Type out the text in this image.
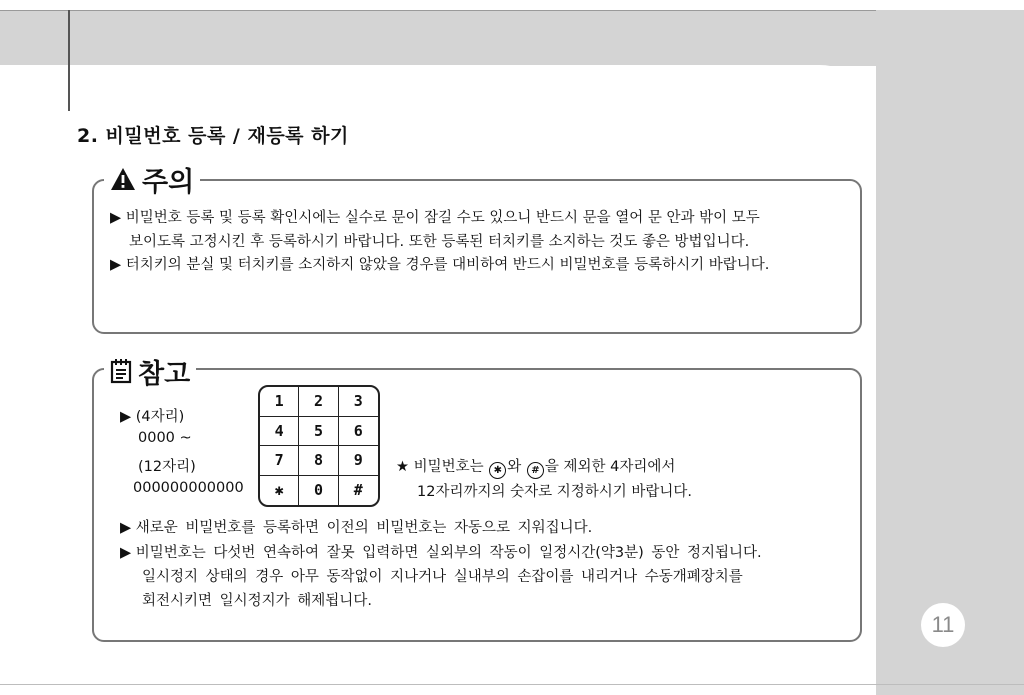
2. 비밀번호 등록 / 재등록 하기
주의
▶ 비밀번호 등록 및 등록 확인시에는 실수로 문이 잠길 수도 있으니 반드시 문을 열어 문 안과 밖이 모두
보이도록 고정시킨 후 등록하시기 바랍니다. 또한 등록된 터치키를 소지하는 것도 좋은 방법입니다.
▶ 터치키의 분실 및 터치키를 소지하지 않았을 경우를 대비하여 반드시 비밀번호를 등록하시기 바랍니다.
참고
▶ (4자리)
0000 ~
(12자리)
000000000000
1	2	3
4	5	6
7	8	9
✱	0	#
★ 비밀번호는 ✱ 와 # 을 제외한 4자리에서
12자리까지의 숫자로 지정하시기 바랍니다.
▶ 새로운 비밀번호를 등록하면 이전의 비밀번호는 자동으로 지워집니다.
▶ 비밀번호는 다섯번 연속하여 잘못 입력하면 실외부의 작동이 일정시간(약3분) 동안 정지됩니다.
일시정지 상태의 경우 아무 동작없이 지나거나 실내부의 손잡이를 내리거나 수동개폐장치를
회전시키면 일시정지가 해제됩니다.
11
